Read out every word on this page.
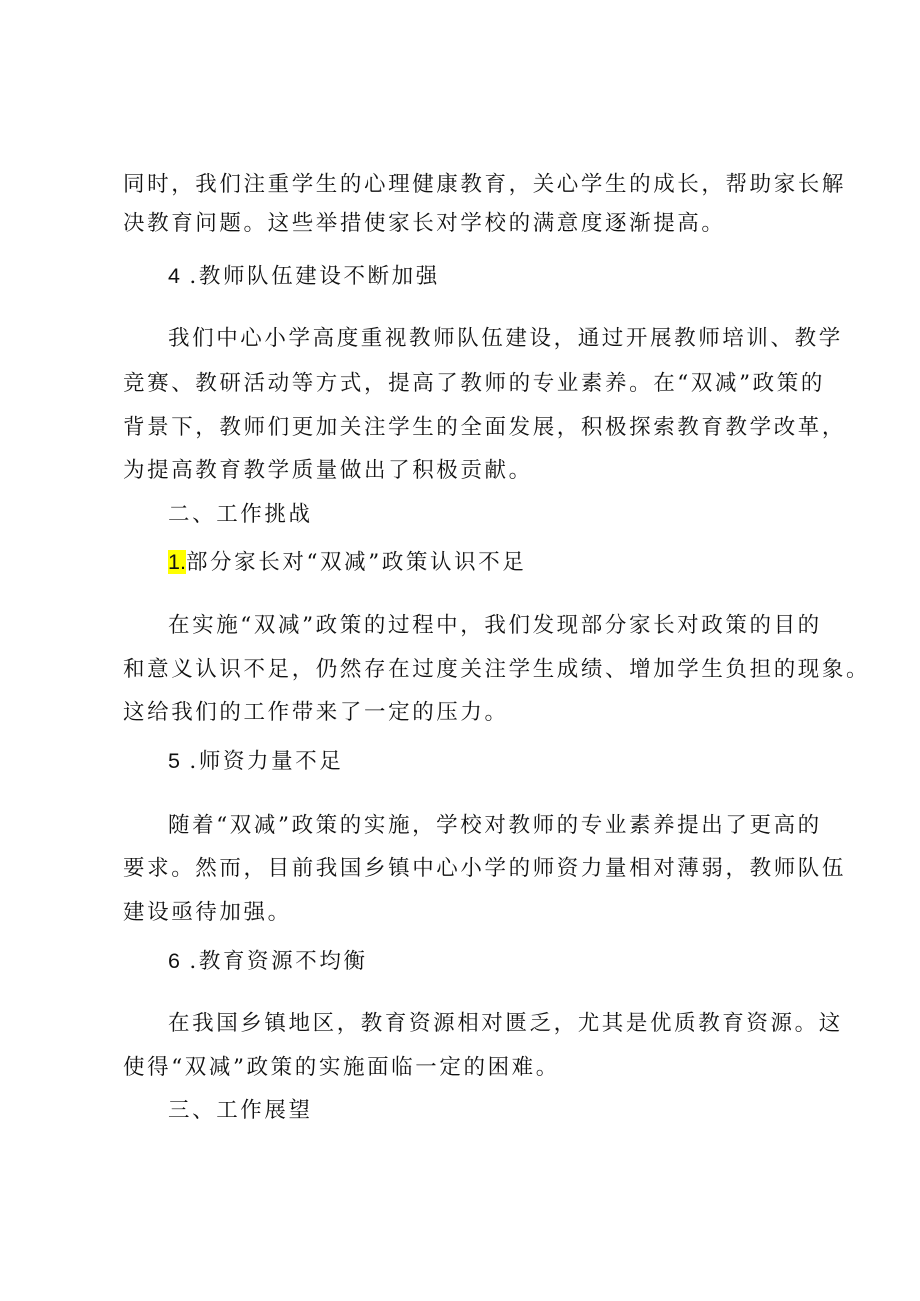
同时，我们注重学生的心理健康教育，关心学生的成长，帮助家长解
决教育问题。这些举措使家长对学校的满意度逐渐提高。
4 .教师队伍建设不断加强
我们中心小学高度重视教师队伍建设，通过开展教师培训、教学
竞赛、教研活动等方式，提高了教师的专业素养。在“双减”政策的
背景下，教师们更加关注学生的全面发展，积极探索教育教学改革，
为提高教育教学质量做出了积极贡献。
二、工作挑战
1.部分家长对“双减”政策认识不足
在实施“双减”政策的过程中，我们发现部分家长对政策的目的
和意义认识不足，仍然存在过度关注学生成绩、增加学生负担的现象。
这给我们的工作带来了一定的压力。
5 .师资力量不足
随着“双减”政策的实施，学校对教师的专业素养提出了更高的
要求。然而，目前我国乡镇中心小学的师资力量相对薄弱，教师队伍
建设亟待加强。
6 .教育资源不均衡
在我国乡镇地区，教育资源相对匮乏，尤其是优质教育资源。这
使得“双减”政策的实施面临一定的困难。
三、工作展望
